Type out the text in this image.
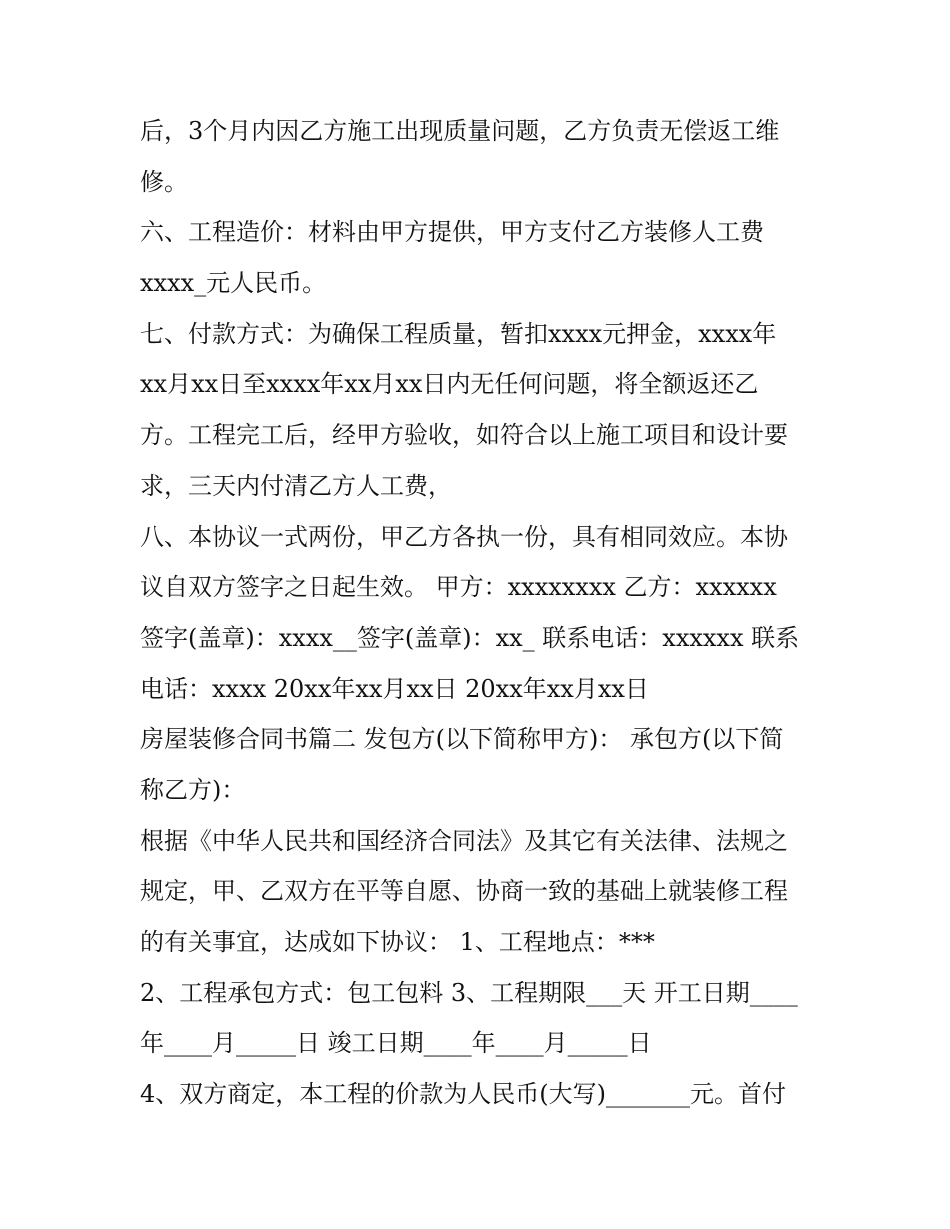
后，3个月内因乙方施工出现质量问题，乙方负责无偿返工维
修。
六、工程造价：材料由甲方提供，甲方支付乙方装修人工费
xxxx_元人民币。
七、付款方式：为确保工程质量，暂扣xxxx元押金，xxxx年
xx月xx日至xxxx年xx月xx日内无任何问题，将全额返还乙
方。工程完工后，经甲方验收，如符合以上施工项目和设计要
求，三天内付清乙方人工费，
八、本协议一式两份，甲乙方各执一份，具有相同效应。本协
议自双方签字之日起生效。 甲方：xxxxxxxx 乙方：xxxxxx
签字(盖章)：xxxx__签字(盖章)：xx_ 联系电话：xxxxxx 联系
电话：xxxx 20xx年xx月xx日 20xx年xx月xx日
房屋装修合同书篇二 发包方(以下简称甲方)： 承包方(以下简
称乙方)：
根据《中华人民共和国经济合同法》及其它有关法律、法规之
规定，甲、乙双方在平等自愿、协商一致的基础上就装修工程
的有关事宜，达成如下协议： 1、工程地点：***
2、工程承包方式：包工包料 3、工程期限___天 开工日期____
年____月_____日 竣工日期____年____月_____日
4、双方商定，本工程的价款为人民币(大写)_______元。首付
